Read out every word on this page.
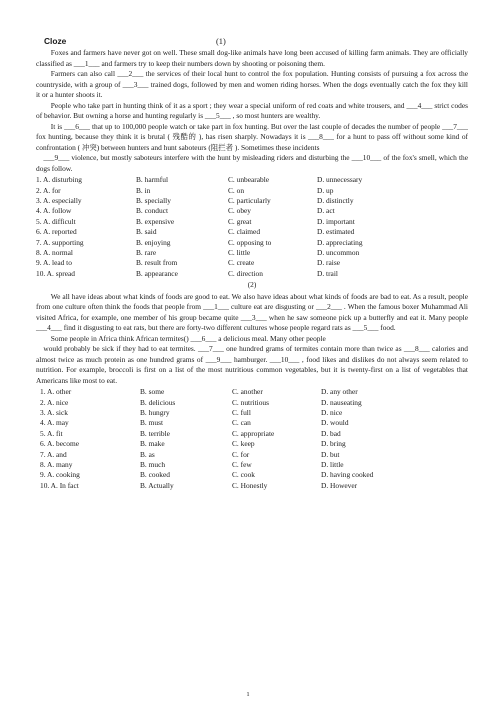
Cloze	(1)

Foxes and farmers have never got on well. These small dog-like animals have long been accused of killing farm animals. They are officially classified as ___1___ and farmers try to keep their numbers down by shooting or poisoning them.

Farmers can also call ___2___ the services of their local hunt to control the fox population. Hunting consists of pursuing a fox across the countryside, with a group of ___3___ trained dogs, followed by men and women riding horses. When the dogs eventually catch the fox they kill it or a hunter shoots it.

People who take part in hunting think of it as a sport ; they wear a special uniform of red coats and white trousers, and ___4___ strict codes of behavior. But owning a horse and hunting regularly is ___5___ , so most hunters are wealthy.

It is ___6___ that up to 100,000 people watch or take part in fox hunting. But over the last couple of decades the number of people ___7___ fox hunting, because they think it is brutal ( 残酷的 ), has risen sharply. Nowadays it is ___8___ for a hunt to pass off without some kind of confrontation ( 冲突) between hunters and hunt saboteurs (阻拦者 ). Sometimes these incidents

___9___ violence, but mostly saboteurs interfere with the hunt by misleading riders and disturbing the ___10___ of the fox's smell, which the dogs follow.

1. A. disturbing	B. harmful	C. unbearable	D. unnecessary
2. A. for	B. in	C. on	D. up
3. A. especially	B. specially	C. particularly	D. distinctly
4. A. follow	B. conduct	C. obey	D. act
5. A. difficult	B. expensive	C. great	D. important
6. A. reported	B. said	C. claimed	D. estimated
7. A. supporting	B. enjoying	C. opposing to	D. appreciating
8. A. normal	B. rare	C. little	D. uncommon
9. A. lead to	B. result from	C. create	D. raise
10. A. spread	B. appearance	C. direction	D. trail
(2)

We all have ideas about what kinds of foods are good to eat. We also have ideas about what kinds of foods are bad to eat. As a result, people from one culture often think the foods that people from ___1___ culture eat are disgusting or ___2___ . When the famous boxer Muhammad Ali visited Africa, for example, one member of his group became quite ___3___ when he saw someone pick up a butterfly and eat it. Many people ___4___ find it disgusting to eat rats, but there are forty-two different cultures whose people regard rats as ___5___ food.

Some people in Africa think African termites() ___6___ a delicious meal. Many other people

would probably be sick if they had to eat termites. ___7___ one hundred grams of termites contain more than twice as ___8___ calories and almost twice as much protein as one hundred grams of ___9___ hamburger. ___10___ , food likes and dislikes do not always seem related to nutrition. For example, broccoli is first on a list of the most nutritious common vegetables, but it is twenty-first on a list of vegetables that Americans like most to eat.

1. A. other	B. some	C. another	D. any other
2. A. nice	B. delicious	C. nutritious	D. nauseating
3. A. sick	B. hungry	C. full	D. nice
4. A. may	B. must	C. can	D. would
5. A. fit	B. terrible	C. appropriate	D. bad
6. A. become	B. make	C. keep	D. bring
7. A. and	B. as	C. for	D. but
8. A. many	B. much	C. few	D. little
9. A. cooking	B. cooked	C. cook	D. having cooked
10. A. In fact	B. Actually	C. Honestly	D. However
1
